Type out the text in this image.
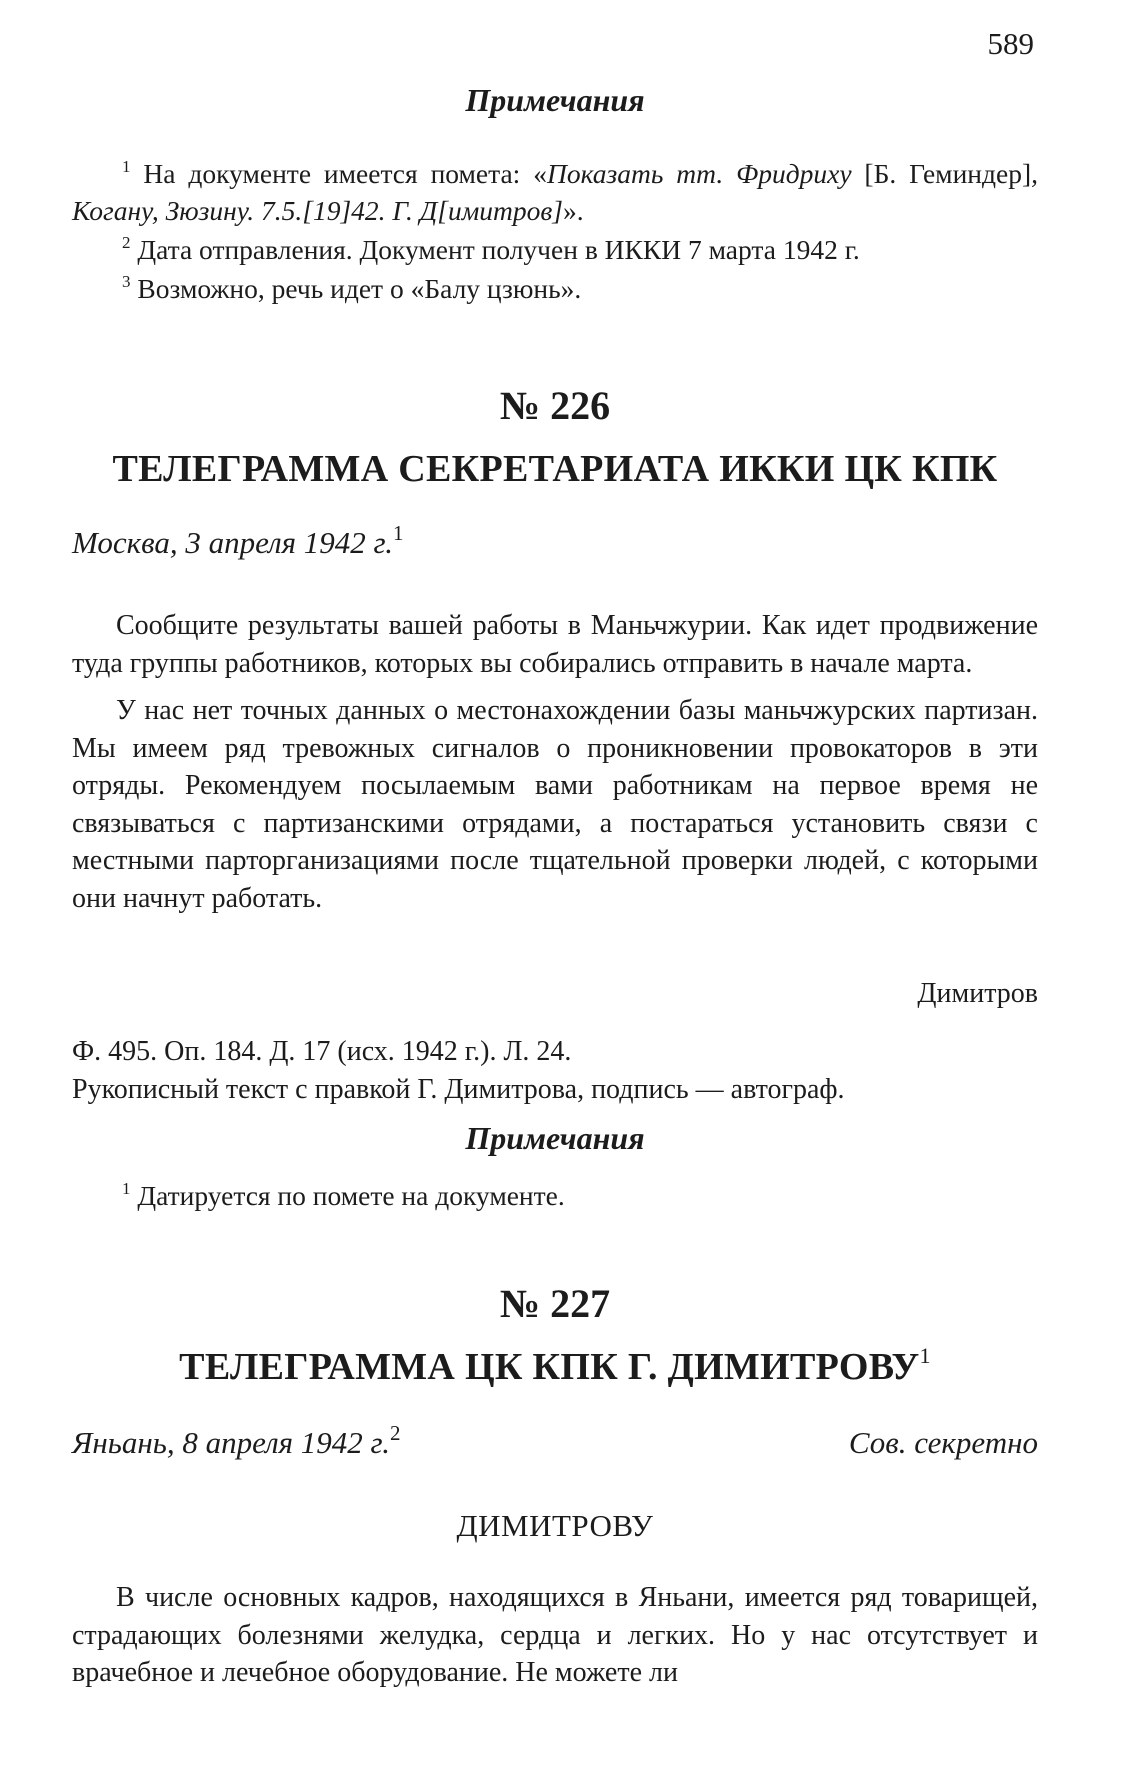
589
Примечания

$^1$ На документе имеется помета: «Показать тт. Фридриху [Б. Геминдер], Когану, Зюзину. 7.5.[19]42. Г. Д[имитров]».

$^2$ Дата отправления. Документ получен в ИККИ 7 марта 1942 г.

$^3$ Возможно, речь идет о «Балу цзюнь».

№ 226
ТЕЛЕГРАММА СЕКРЕТАРИАТА ИККИ ЦК КПК
Москва, 3 апреля 1942 г.$^1$

Сообщите результаты вашей работы в Маньчжурии. Как идет продвижение туда группы работников, которых вы собирались отправить в начале марта.

У нас нет точных данных о местонахождении базы маньчжурских партизан. Мы имеем ряд тревожных сигналов о проникновении провокаторов в эти отряды. Рекомендуем посылаемым вами работникам на первое время не связываться с партизанскими отрядами, а постараться установить связи с местными парторганизациями после тщательной проверки людей, с которыми они начнут работать.

Димитров

Ф. 495. Оп. 184. Д. 17 (исх. 1942 г.). Л. 24.

Рукописный текст с правкой Г. Димитрова, подпись — автограф.

Примечания

$^1$ Датируется по помете на документе.

№ 227
ТЕЛЕГРАММА ЦК КПК Г. ДИМИТРОВУ$^1$
Яньань, 8 апреля 1942 г.$^2$	Сов. секретно

ДИМИТРОВУ

В числе основных кадров, находящихся в Яньани, имеется ряд товарищей, страдающих болезнями желудка, сердца и легких. Но у нас отсутствует и врачебное и лечебное оборудование. Не можете ли
